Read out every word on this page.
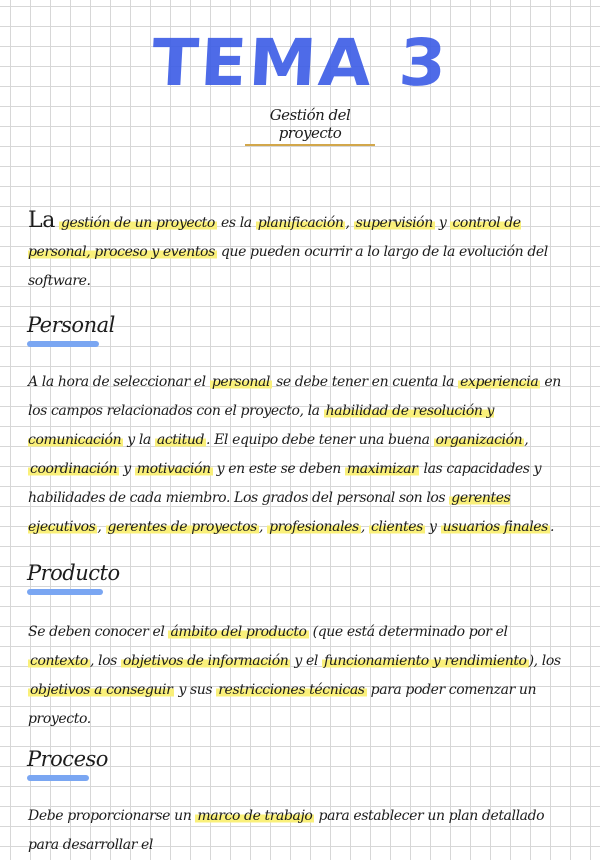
TEMA 3
Gestión del proyecto

La gestión de un proyecto es la planificación , supervisión y control de personal, proceso y eventos que pueden ocurrir a lo largo de la evolución del software.

Personal

A la hora de seleccionar el personal se debe tener en cuenta la experiencia en los campos relacionados con el proyecto, la habilidad de resolución y comunicación y la actitud . El equipo debe tener una buena organización , coordinación y motivación y en este se deben maximizar las capacidades y habilidades de cada miembro. Los grados del personal son los gerentes ejecutivos , gerentes de proyectos , profesionales , clientes y usuarios finales .

Producto

Se deben conocer el ámbito del producto (que está determinado por el contexto , los objetivos de información y el funcionamiento y rendimiento ), los objetivos a conseguir y sus restricciones técnicas para poder comenzar un proyecto.

Proceso

Debe proporcionarse un marco de trabajo para establecer un plan detallado para desarrollar el
